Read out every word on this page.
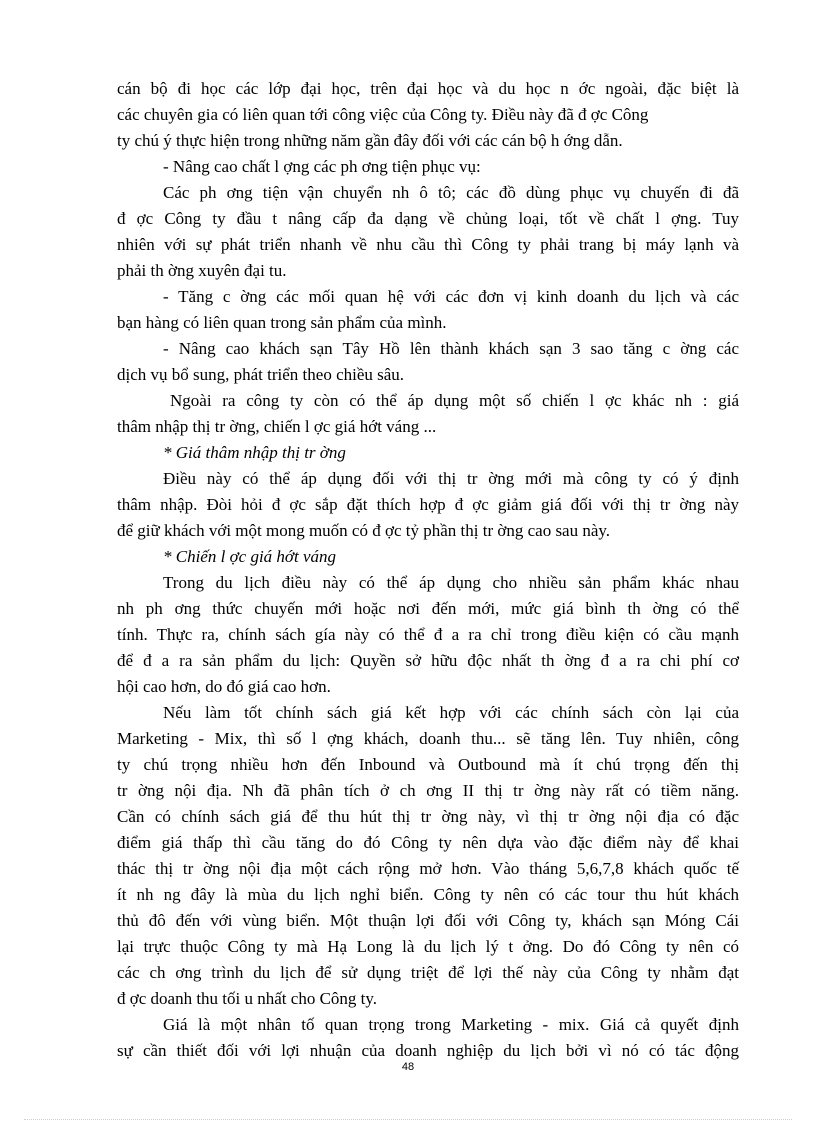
cán bộ đi học các lớp đại học, trên đại học và du học n ớc ngoài, đặc biệt là
các chuyên gia có liên quan tới công việc của Công ty. Điều này đã đ ợc Công
ty chú ý thực hiện trong những năm gần đây đối với các cán bộ h ớng dẫn.
- Nâng cao chất l ợng các ph ơng tiện phục vụ:
Các ph ơng tiện vận chuyển nh ô tô; các đồ dùng phục vụ chuyến đi đã
đ ợc Công ty đầu t nâng cấp đa dạng về chủng loại, tốt về chất l ợng. Tuy
nhiên với sự phát triển nhanh về nhu cầu thì Công ty phải trang bị máy lạnh và
phải th ờng xuyên đại tu.
- Tăng c ờng các mối quan hệ với các đơn vị kinh doanh du lịch và các
bạn hàng có liên quan trong sản phẩm của mình.
- Nâng cao khách sạn Tây Hồ lên thành khách sạn 3 sao tăng c ờng các
dịch vụ bổ sung, phát triển theo chiều sâu.
Ngoài ra công ty còn có thể áp dụng một số chiến l ợc khác nh : giá
thâm nhập thị tr ờng, chiến l ợc giá hớt váng ...
* Giá thâm nhập thị tr ờng
Điều này có thể áp dụng đối với thị tr ờng mới mà công ty có ý định
thâm nhập. Đòi hỏi đ ợc sắp đặt thích hợp đ ợc giảm giá đối với thị tr ờng này
để giữ khách với một mong muốn có đ ợc tỷ phần thị tr ờng cao sau này.
* Chiến l ợc giá hớt váng
Trong du lịch điều này có thể áp dụng cho nhiều sản phẩm khác nhau
nh ph ơng thức chuyến mới hoặc nơi đến mới, mức giá bình th ờng có thể
tính. Thực ra, chính sách gía này có thể đ a ra chỉ trong điều kiện có cầu mạnh
để đ a ra sản phẩm du lịch: Quyền sở hữu độc nhất th ờng đ a ra chi phí cơ
hội cao hơn, do đó giá cao hơn.
Nếu làm tốt chính sách giá kết hợp với các chính sách còn lại của
Marketing - Mix, thì số l ợng khách, doanh thu... sẽ tăng lên. Tuy nhiên, công
ty chú trọng nhiều hơn đến Inbound và Outbound mà ít chú trọng đến thị
tr ờng nội địa. Nh đã phân tích ở ch ơng II thị tr ờng này rất có tiềm năng.
Cần có chính sách giá để thu hút thị tr ờng này, vì thị tr ờng nội địa có đặc
điểm giá thấp thì cầu tăng do đó Công ty nên dựa vào đặc điểm này để khai
thác thị tr ờng nội địa một cách rộng mở hơn. Vào tháng 5,6,7,8 khách quốc tế
ít nh ng đây là mùa du lịch nghỉ biển. Công ty nên có các tour thu hút khách
thủ đô đến với vùng biển. Một thuận lợi đối với Công ty, khách sạn Móng Cái
lại trực thuộc Công ty mà Hạ Long là du lịch lý t ởng. Do đó Công ty nên có
các ch ơng trình du lịch để sử dụng triệt để lợi thế này của Công ty nhằm đạt
đ ợc doanh thu tối u nhất cho Công ty.
Giá là một nhân tố quan trọng trong Marketing - mix. Giá cả quyết định
sự cần thiết đối với lợi nhuận của doanh nghiệp du lịch bởi vì nó có tác động
48
